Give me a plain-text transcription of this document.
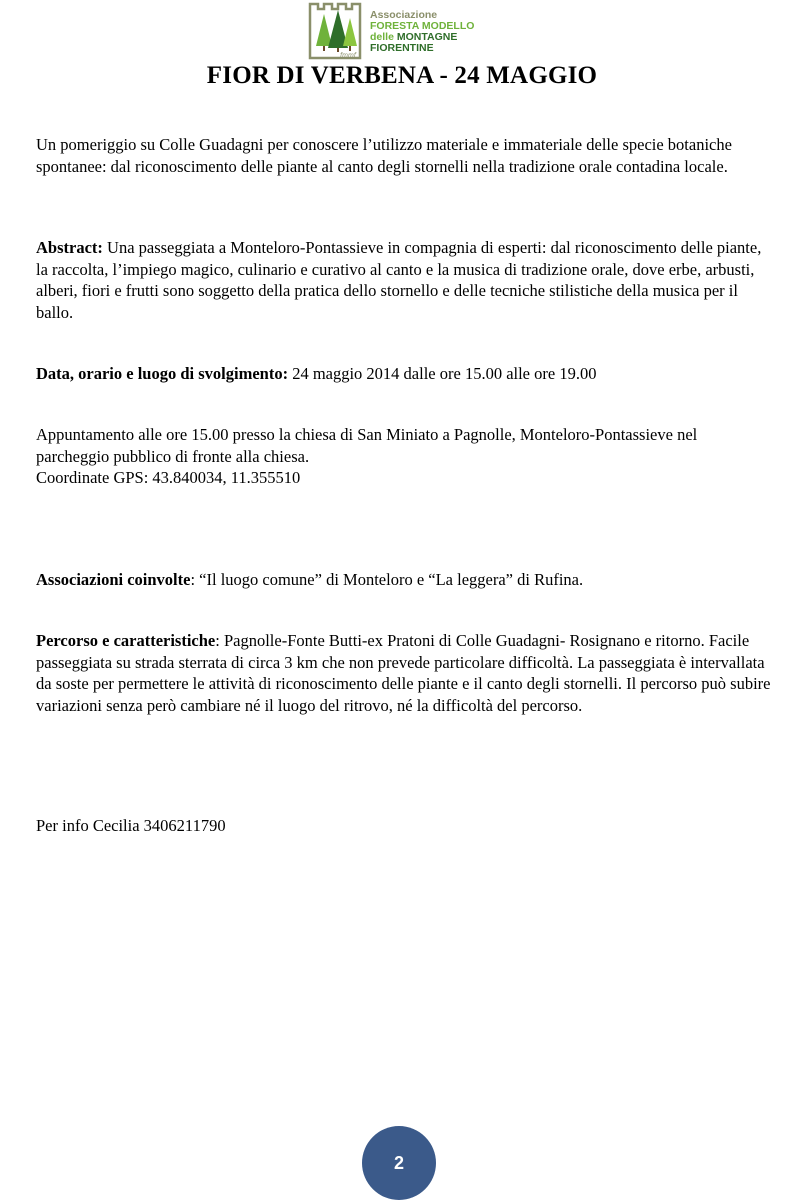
fmmf
Associazione
FORESTA MODELLO
delle MONTAGNE
FIORENTINE
FIOR DI VERBENA - 24 MAGGIO

Un pomeriggio su Colle Guadagni per conoscere l’utilizzo materiale e immateriale delle specie botaniche spontanee: dal riconoscimento delle piante al canto degli stornelli nella tradizione orale contadina locale.

Abstract: Una passeggiata a Monteloro-Pontassieve in compagnia di esperti: dal riconoscimento delle piante, la raccolta, l’impiego magico, culinario e curativo al canto e la musica di tradizione orale, dove erbe, arbusti, alberi, fiori e frutti sono soggetto della pratica dello stornello e delle tecniche stilistiche della musica per il ballo.

Data, orario e luogo di svolgimento: 24 maggio 2014 dalle ore 15.00 alle ore 19.00

Appuntamento alle ore 15.00 presso la chiesa di San Miniato a Pagnolle, Monteloro-Pontassieve nel parcheggio pubblico di fronte alla chiesa.
Coordinate GPS: 43.840034, 11.355510

Associazioni coinvolte: “Il luogo comune” di Monteloro e “La leggera” di Rufina.

Percorso e caratteristiche: Pagnolle-Fonte Butti-ex Pratoni di Colle Guadagni- Rosignano e ritorno. Facile passeggiata su strada sterrata di circa 3 km che non prevede particolare difficoltà. La passeggiata è intervallata da soste per permettere le attività di riconoscimento delle piante e il canto degli stornelli. Il percorso può subire variazioni senza però cambiare né il luogo del ritrovo, né la difficoltà del percorso.

Per info Cecilia 3406211790

2
